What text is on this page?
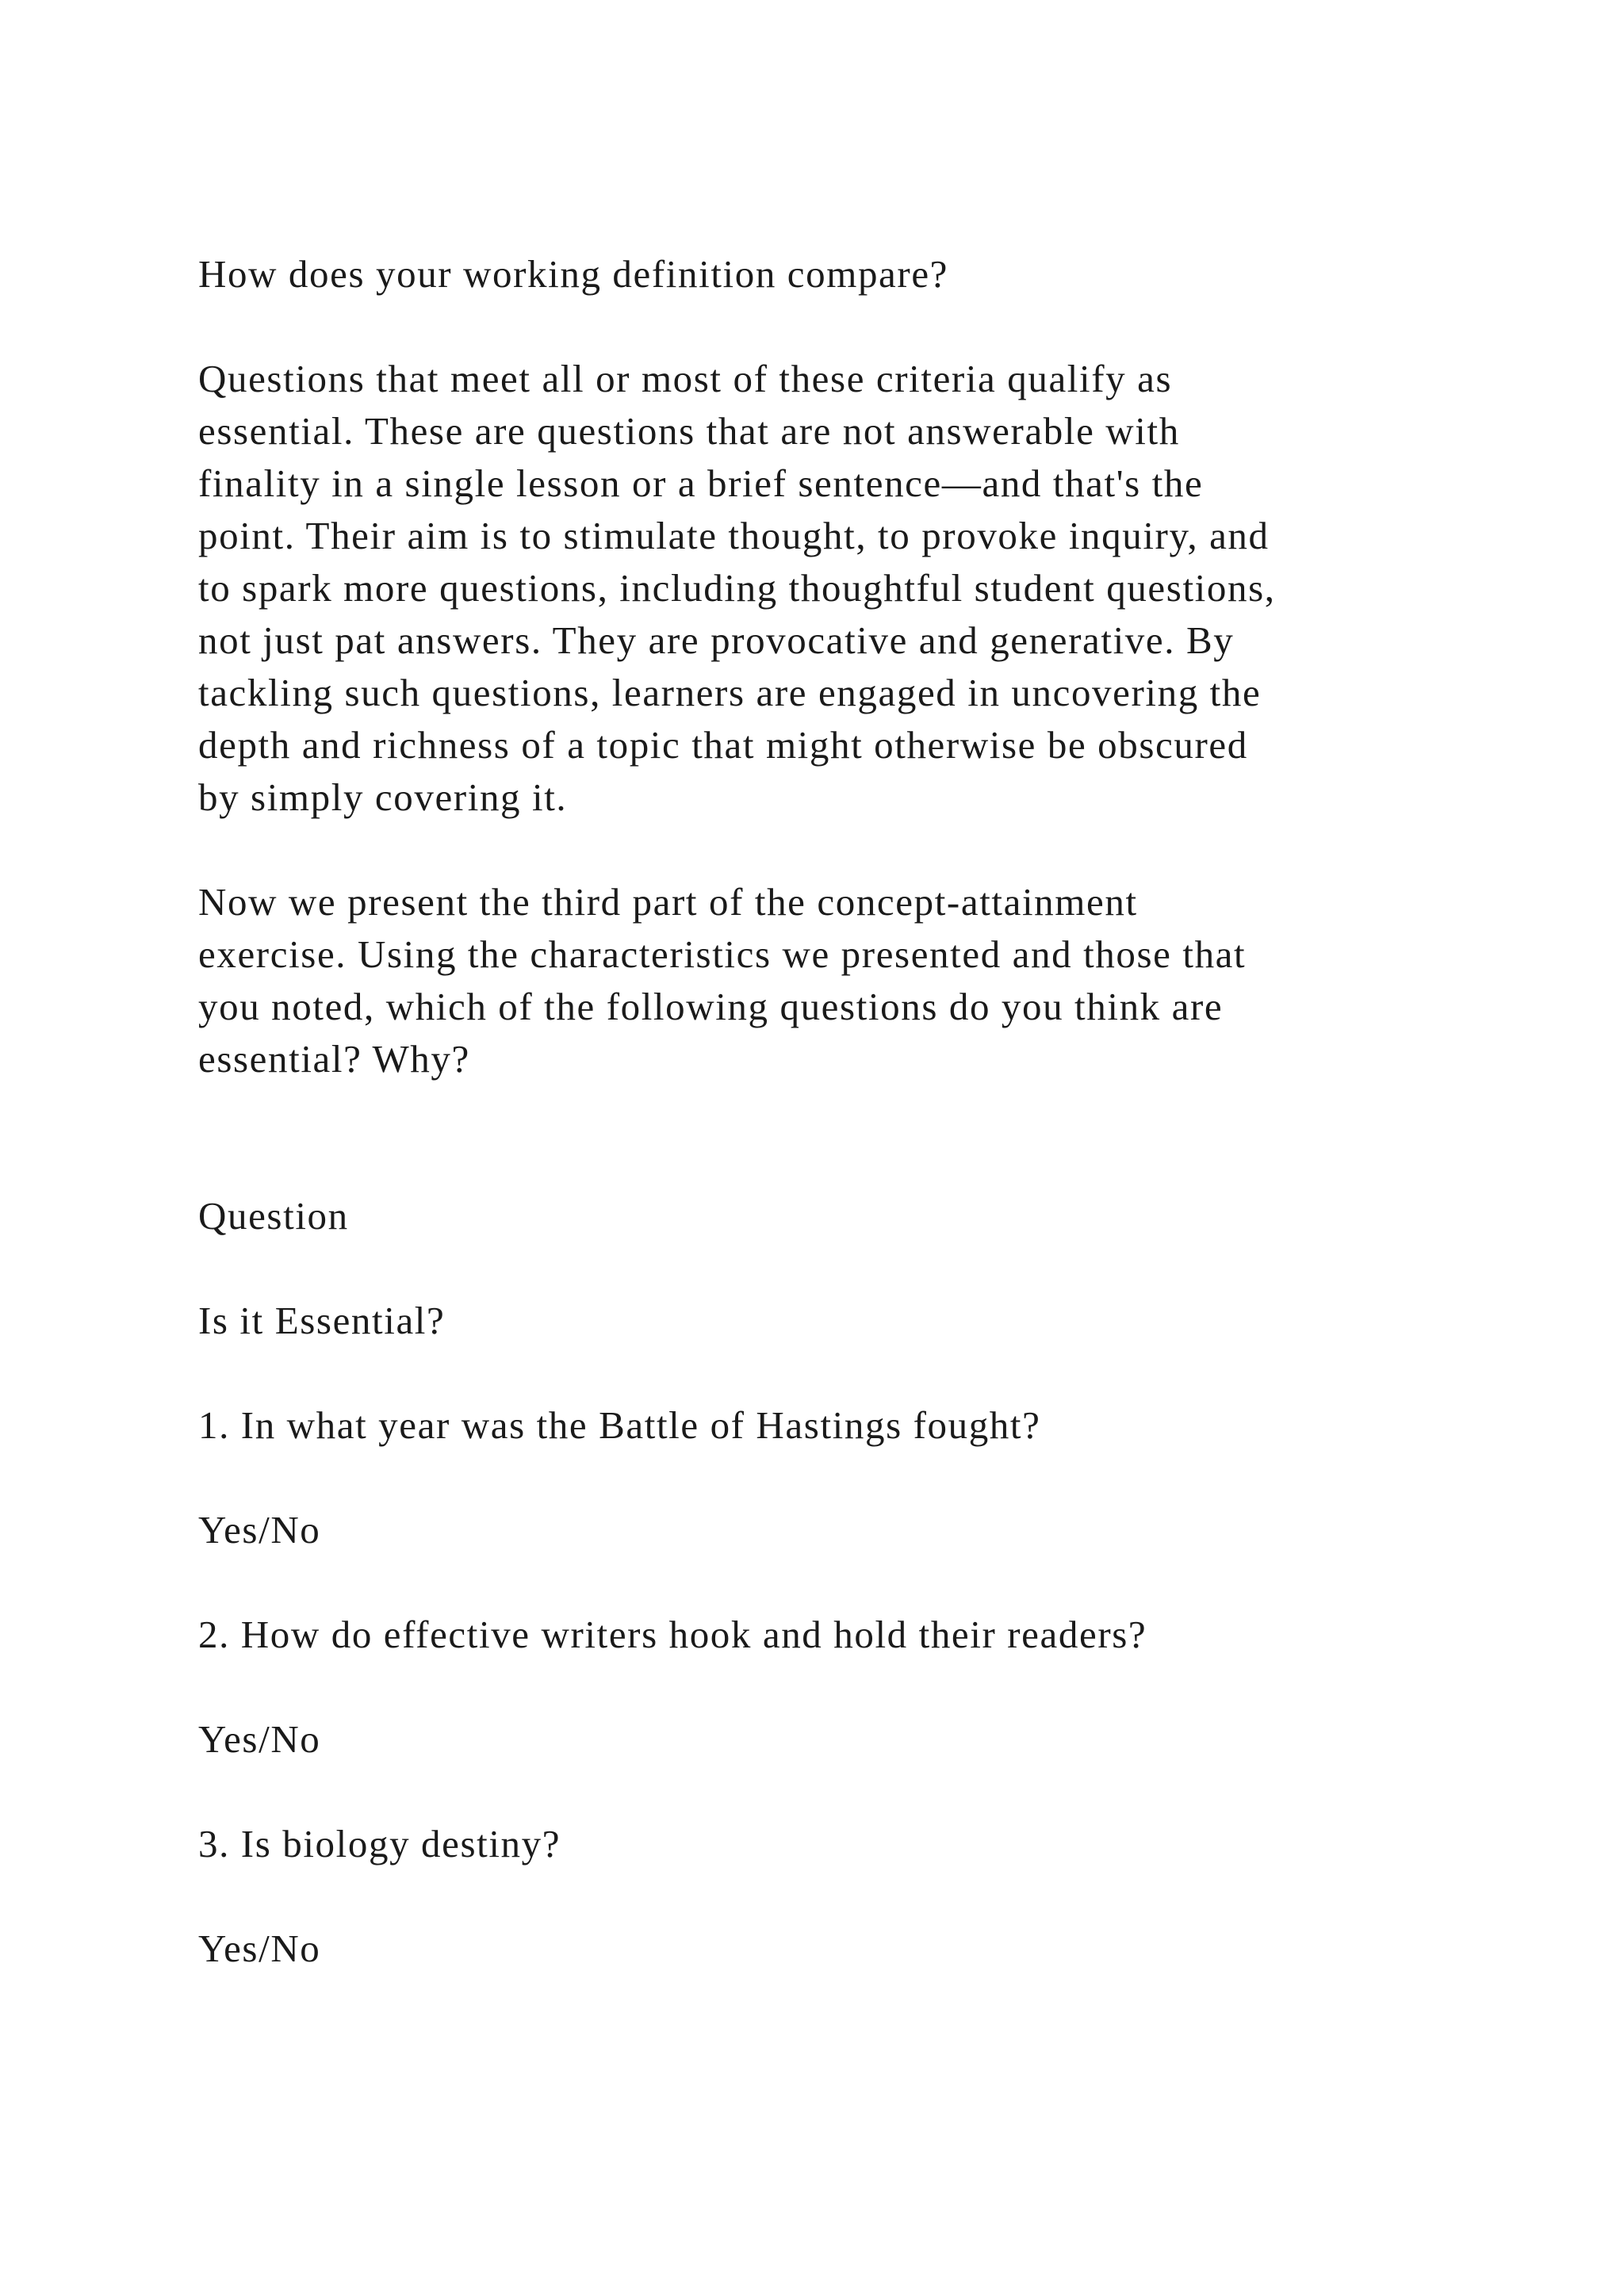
How does your working definition compare?
Questions that meet all or most of these criteria qualify as
essential. These are questions that are not answerable with
finality in a single lesson or a brief sentence—and that's the
point. Their aim is to stimulate thought, to provoke inquiry, and
to spark more questions, including thoughtful student questions,
not just pat answers. They are provocative and generative. By
tackling such questions, learners are engaged in uncovering the
depth and richness of a topic that might otherwise be obscured
by simply covering it.
Now we present the third part of the concept-attainment
exercise. Using the characteristics we presented and those that
you noted, which of the following questions do you think are
essential? Why?
Question
Is it Essential?
1. In what year was the Battle of Hastings fought?
Yes/No
2. How do effective writers hook and hold their readers?
Yes/No
3. Is biology destiny?
Yes/No
